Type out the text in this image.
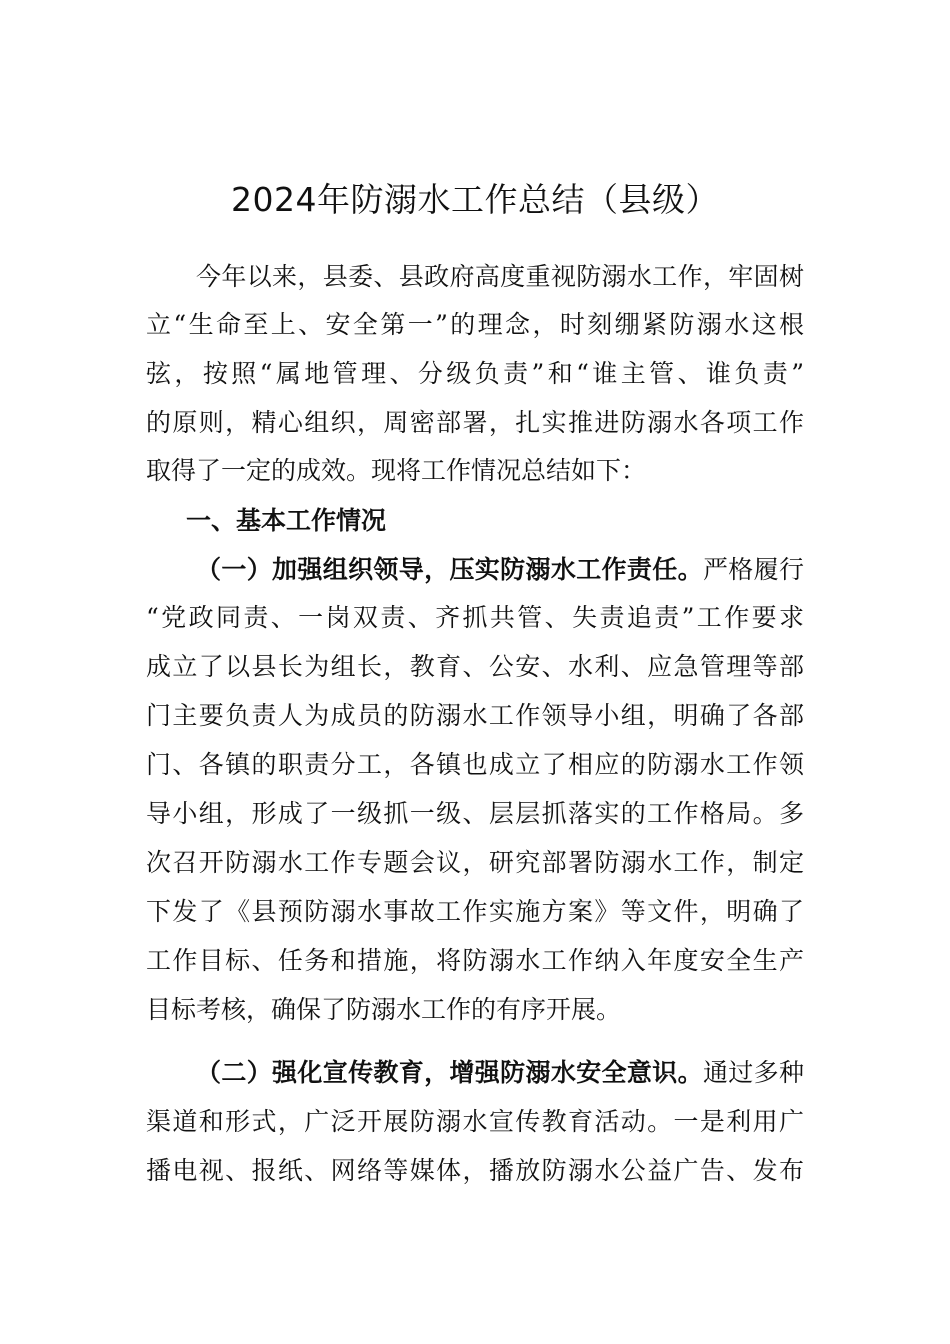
2024年防溺水工作总结（县级）
今年以来，县委、县政府高度重视防溺水工作，牢固树
立“生命至上、安全第一”的理念，时刻绷紧防溺水这根
弦，按照“属地管理、分级负责”和“谁主管、谁负责”
的原则，精心组织，周密部署，扎实推进防溺水各项工作
取得了一定的成效。现将工作情况总结如下：
一、基本工作情况
（一）加强组织领导，压实防溺水工作责任。严格履行
“党政同责、一岗双责、齐抓共管、失责追责”工作要求
成立了以县长为组长，教育、公安、水利、应急管理等部
门主要负责人为成员的防溺水工作领导小组，明确了各部
门、各镇的职责分工，各镇也成立了相应的防溺水工作领
导小组，形成了一级抓一级、层层抓落实的工作格局。多
次召开防溺水工作专题会议，研究部署防溺水工作，制定
下发了《县预防溺水事故工作实施方案》等文件，明确了
工作目标、任务和措施，将防溺水工作纳入年度安全生产
目标考核，确保了防溺水工作的有序开展。
（二）强化宣传教育，增强防溺水安全意识。通过多种
渠道和形式，广泛开展防溺水宣传教育活动。一是利用广
播电视、报纸、网络等媒体，播放防溺水公益广告、发布
